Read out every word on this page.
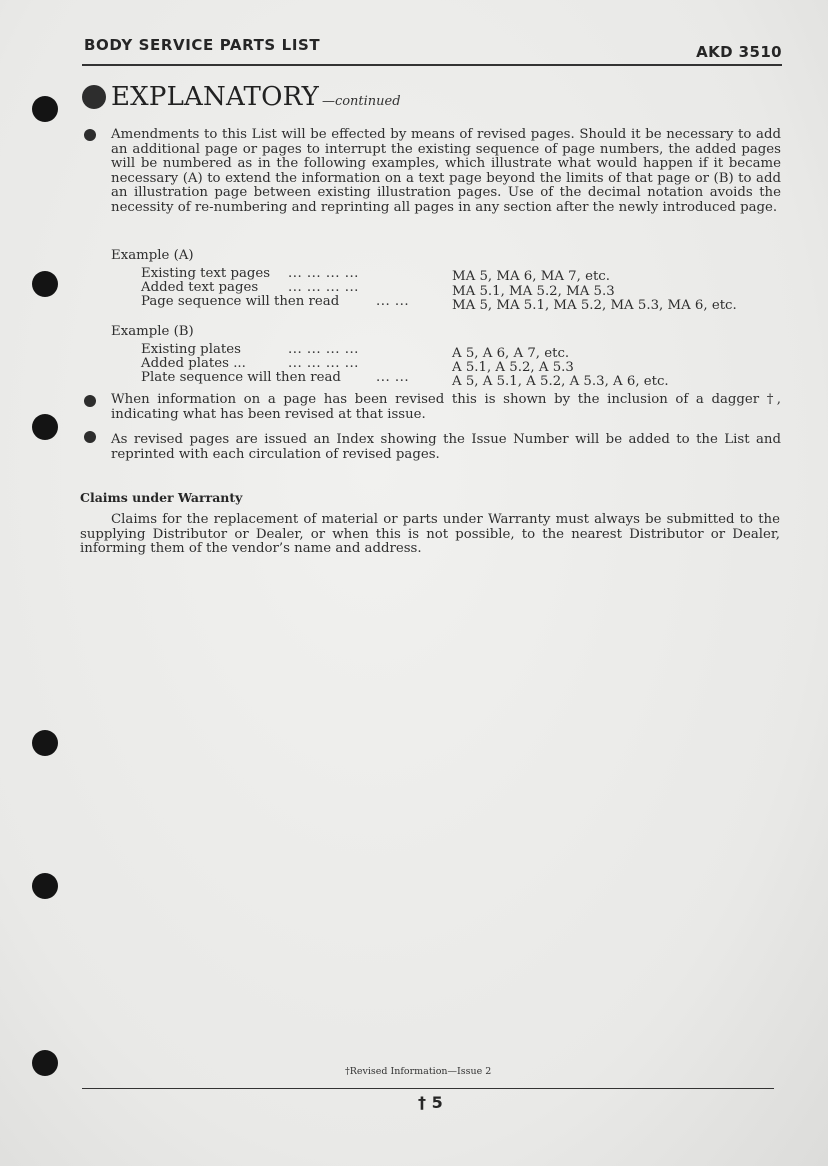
BODY SERVICE PARTS LIST	AKD 3510
EXPLANATORY —continued
Amendments to this List will be effected by means of revised pages. Should it be necessary to add an additional page or pages to interrupt the existing sequence of page numbers, the added pages will be numbered as in the following examples, which illustrate what would happen if it became necessary (A) to extend the information on a text page beyond the limits of that page or (B) to add an illustration page between existing illustration pages. Use of the decimal notation avoids the necessity of re-numbering and reprinting all pages in any section after the newly introduced page.
Example (A)
Existing text pages ... ... ... ...	MA 5, MA 6, MA 7, etc.
Added text pages ... ... ... ...	MA 5.1, MA 5.2, MA 5.3
Page sequence will then read	... ...	MA 5, MA 5.1, MA 5.2, MA 5.3, MA 6, etc.
Example (B)
Existing plates	... ... ... ...	A 5, A 6, A 7, etc.
Added plates ...	... ... ... ...	A 5.1, A 5.2, A 5.3
Plate sequence will then read	... ...	A 5, A 5.1, A 5.2, A 5.3, A 6, etc.
When information on a page has been revised this is shown by the inclusion of a dagger †, indicating what has been revised at that issue.
As revised pages are issued an Index showing the Issue Number will be added to the List and reprinted with each circulation of revised pages.
Claims under Warranty
Claims for the replacement of material or parts under Warranty must always be submitted to the supplying Distributor or Dealer, or when this is not possible, to the nearest Distributor or Dealer, informing them of the vendor’s name and address.
†Revised Information—Issue 2
† 5
